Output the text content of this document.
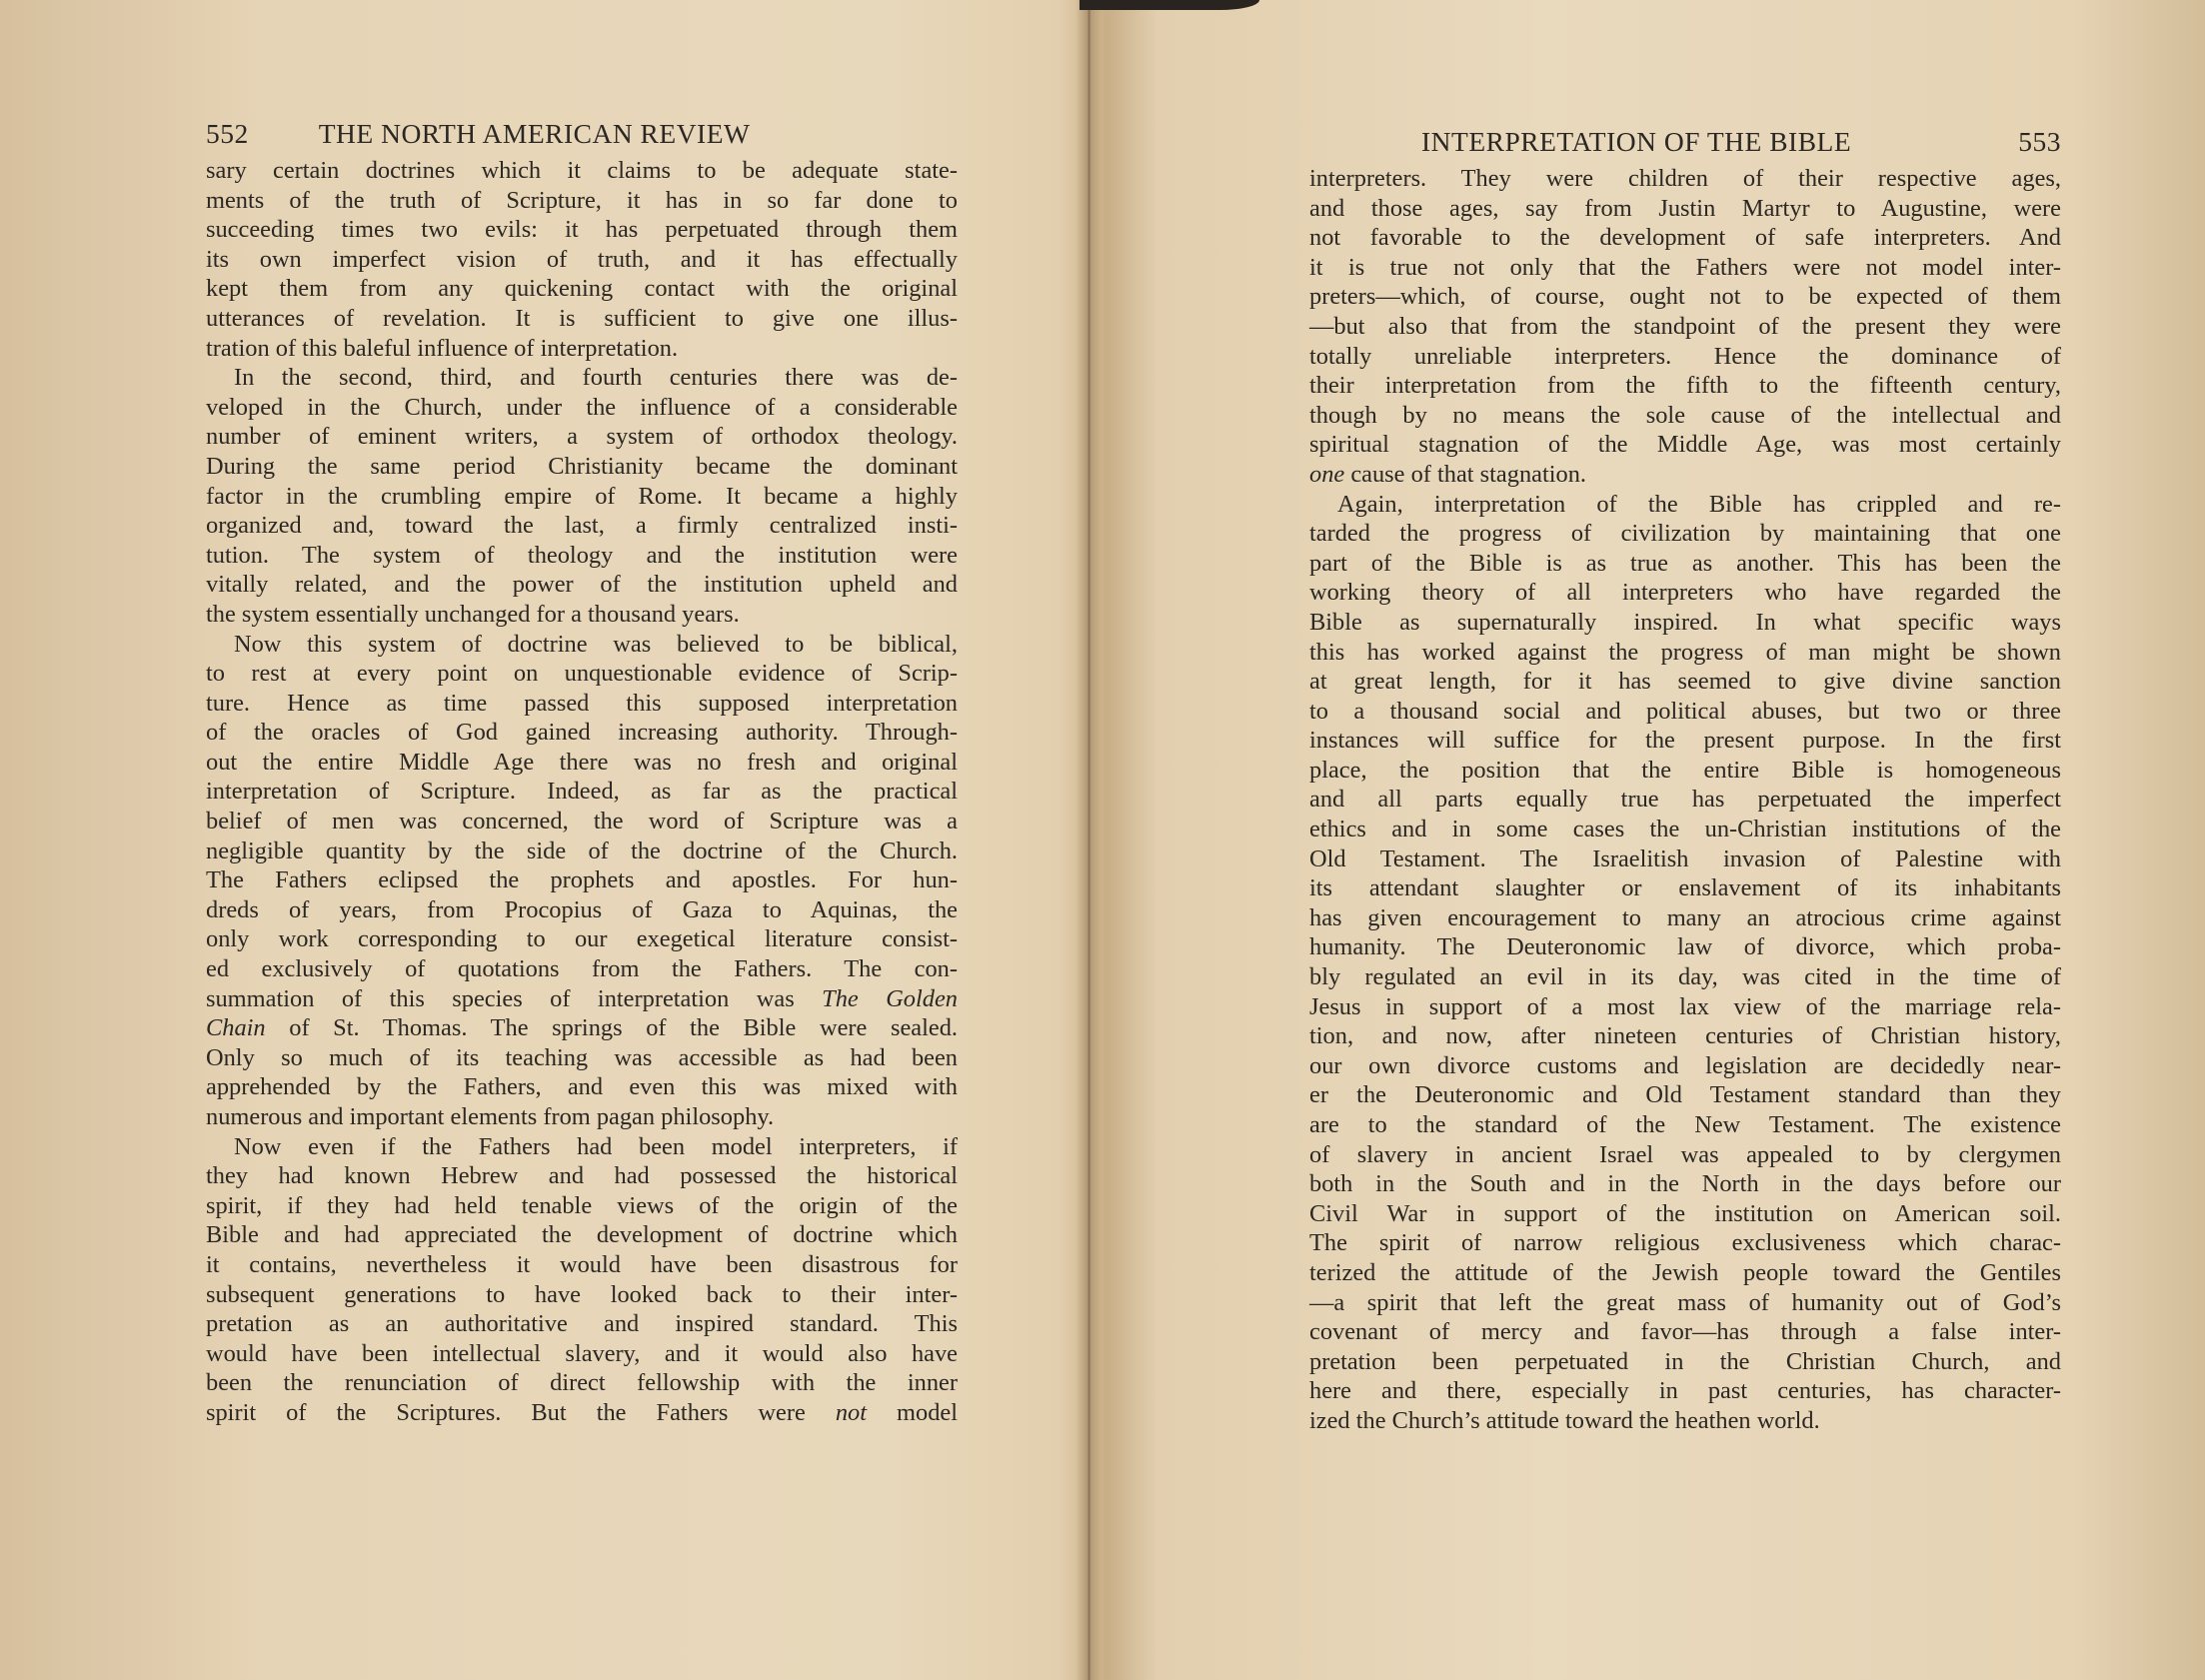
552	THE NORTH AMERICAN REVIEW

sary certain doctrines which it claims to be adequate state-
ments of the truth of Scripture, it has in so far done to
succeeding times two evils: it has perpetuated through them
its own imperfect vision of truth, and it has effectually
kept them from any quickening contact with the original
utterances of revelation. It is sufficient to give one illus-
tration of this baleful influence of interpretation.

In the second, third, and fourth centuries there was de-
veloped in the Church, under the influence of a considerable
number of eminent writers, a system of orthodox theology.
During the same period Christianity became the dominant
factor in the crumbling empire of Rome. It became a highly
organized and, toward the last, a firmly centralized insti-
tution. The system of theology and the institution were
vitally related, and the power of the institution upheld and
the system essentially unchanged for a thousand years.

Now this system of doctrine was believed to be biblical,
to rest at every point on unquestionable evidence of Scrip-
ture. Hence as time passed this supposed interpretation
of the oracles of God gained increasing authority. Through-
out the entire Middle Age there was no fresh and original
interpretation of Scripture. Indeed, as far as the practical
belief of men was concerned, the word of Scripture was a
negligible quantity by the side of the doctrine of the Church.
The Fathers eclipsed the prophets and apostles. For hun-
dreds of years, from Procopius of Gaza to Aquinas, the
only work corresponding to our exegetical literature consist-
ed exclusively of quotations from the Fathers. The con-
summation of this species of interpretation was The Golden
Chain of St. Thomas. The springs of the Bible were sealed.
Only so much of its teaching was accessible as had been
apprehended by the Fathers, and even this was mixed with
numerous and important elements from pagan philosophy.

Now even if the Fathers had been model interpreters, if
they had known Hebrew and had possessed the historical
spirit, if they had held tenable views of the origin of the
Bible and had appreciated the development of doctrine which
it contains, nevertheless it would have been disastrous for
subsequent generations to have looked back to their inter-
pretation as an authoritative and inspired standard. This
would have been intellectual slavery, and it would also have
been the renunciation of direct fellowship with the inner
spirit of the Scriptures. But the Fathers were not model

INTERPRETATION OF THE BIBLE	553

interpreters. They were children of their respective ages,
and those ages, say from Justin Martyr to Augustine, were
not favorable to the development of safe interpreters. And
it is true not only that the Fathers were not model inter-
preters—which, of course, ought not to be expected of them
—but also that from the standpoint of the present they were
totally unreliable interpreters. Hence the dominance of
their interpretation from the fifth to the fifteenth century,
though by no means the sole cause of the intellectual and
spiritual stagnation of the Middle Age, was most certainly
one cause of that stagnation.

Again, interpretation of the Bible has crippled and re-
tarded the progress of civilization by maintaining that one
part of the Bible is as true as another. This has been the
working theory of all interpreters who have regarded the
Bible as supernaturally inspired. In what specific ways
this has worked against the progress of man might be shown
at great length, for it has seemed to give divine sanction
to a thousand social and political abuses, but two or three
instances will suffice for the present purpose. In the first
place, the position that the entire Bible is homogeneous
and all parts equally true has perpetuated the imperfect
ethics and in some cases the un-Christian institutions of the
Old Testament. The Israelitish invasion of Palestine with
its attendant slaughter or enslavement of its inhabitants
has given encouragement to many an atrocious crime against
humanity. The Deuteronomic law of divorce, which proba-
bly regulated an evil in its day, was cited in the time of
Jesus in support of a most lax view of the marriage rela-
tion, and now, after nineteen centuries of Christian history,
our own divorce customs and legislation are decidedly near-
er the Deuteronomic and Old Testament standard than they
are to the standard of the New Testament. The existence
of slavery in ancient Israel was appealed to by clergymen
both in the South and in the North in the days before our
Civil War in support of the institution on American soil.
The spirit of narrow religious exclusiveness which charac-
terized the attitude of the Jewish people toward the Gentiles
—a spirit that left the great mass of humanity out of God’s
covenant of mercy and favor—has through a false inter-
pretation been perpetuated in the Christian Church, and
here and there, especially in past centuries, has character-
ized the Church’s attitude toward the heathen world.
